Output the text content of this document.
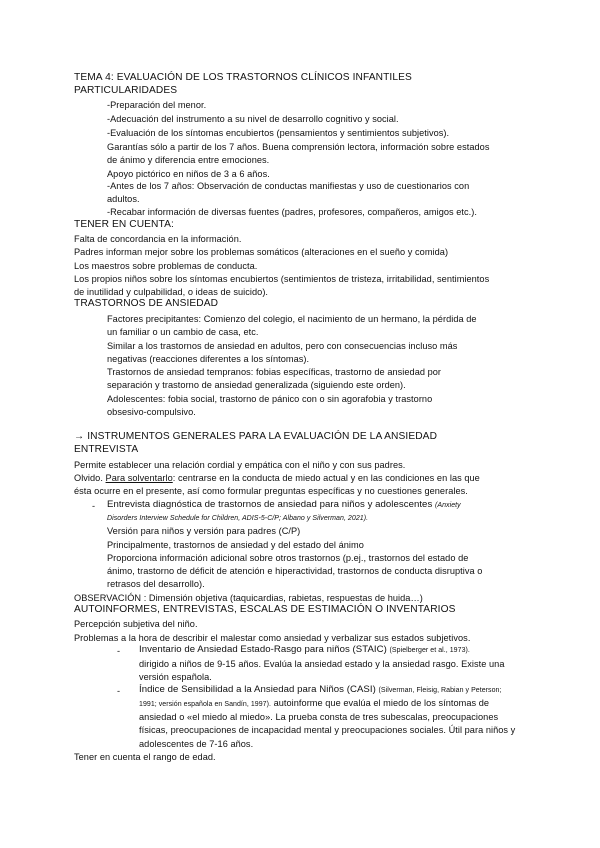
TEMA 4: EVALUACIÓN DE LOS TRASTORNOS CLÍNICOS INFANTILES
PARTICULARIDADES
-Preparación del menor.
-Adecuación del instrumento a su nivel de desarrollo cognitivo y social.
-Evaluación de los síntomas encubiertos (pensamientos y sentimientos subjetivos).
Garantías sólo a partir de los 7 años. Buena comprensión lectora, información sobre estados
de ánimo y diferencia entre emociones.
Apoyo pictórico en niños de 3 a 6 años.
-Antes de los 7 años: Observación de conductas manifiestas y uso de cuestionarios con
adultos.
-Recabar información de diversas fuentes (padres, profesores, compañeros, amigos etc.).
TENER EN CUENTA:
Falta de concordancia en la información.
Padres informan mejor sobre los problemas somáticos (alteraciones en el sueño y comida)
Los maestros sobre problemas de conducta.
Los propios niños sobre los síntomas encubiertos (sentimientos de tristeza, irritabilidad, sentimientos
de inutilidad y culpabilidad, o ideas de suicido).
TRASTORNOS DE ANSIEDAD
Factores precipitantes: Comienzo del colegio, el nacimiento de un hermano, la pérdida de
un familiar o un cambio de casa, etc.
Similar a los trastornos de ansiedad en adultos, pero con consecuencias incluso más
negativas (reacciones diferentes a los síntomas).
Trastornos de ansiedad tempranos: fobias específicas, trastorno de ansiedad por
separación y trastorno de ansiedad generalizada (siguiendo este orden).
Adolescentes: fobia social, trastorno de pánico con o sin agorafobia y trastorno
obsesivo-compulsivo.
→ INSTRUMENTOS GENERALES PARA LA EVALUACIÓN DE LA ANSIEDAD
ENTREVISTA
Permite establecer una relación cordial y empática con el niño y con sus padres.
Olvido. Para solventarlo: centrarse en la conducta de miedo actual y en las condiciones en las que
ésta ocurre en el presente, así como formular preguntas específicas y no cuestiones generales.
- Entrevista diagnóstica de trastornos de ansiedad para niños y adolescentes (Anxiety
Disorders Interview Schedule for Children, ADIS-5-C/P; Albano y Silverman, 2021).
Versión para niños y versión para padres (C/P)
Principalmente, trastornos de ansiedad y del estado del ánimo
Proporciona información adicional sobre otros trastornos (p.ej., trastornos del estado de
ánimo, trastorno de déficit de atención e hiperactividad, trastornos de conducta disruptiva o
retrasos del desarrollo).
OBSERVACIÓN : Dimensión objetiva (taquicardias, rabietas, respuestas de huida…)
AUTOINFORMES, ENTREVISTAS, ESCALAS DE ESTIMACIÓN O INVENTARIOS
Percepción subjetiva del niño.
Problemas a la hora de describir el malestar como ansiedad y verbalizar sus estados subjetivos.
- Inventario de Ansiedad Estado-Rasgo para niños (STAIC) (Spielberger et al., 1973).
dirigido a niños de 9-15 años. Evalúa la ansiedad estado y la ansiedad rasgo. Existe una
versión española.
- Índice de Sensibilidad a la Ansiedad para Niños (CASI) (Silverman, Fleisig, Rabian y Peterson;
1991; versión española en Sandín, 1997). autoinforme que evalúa el miedo de los síntomas de
ansiedad o «el miedo al miedo». La prueba consta de tres subescalas, preocupaciones
físicas, preocupaciones de incapacidad mental y preocupaciones sociales. Útil para niños y
adolescentes de 7-16 años.
Tener en cuenta el rango de edad.
